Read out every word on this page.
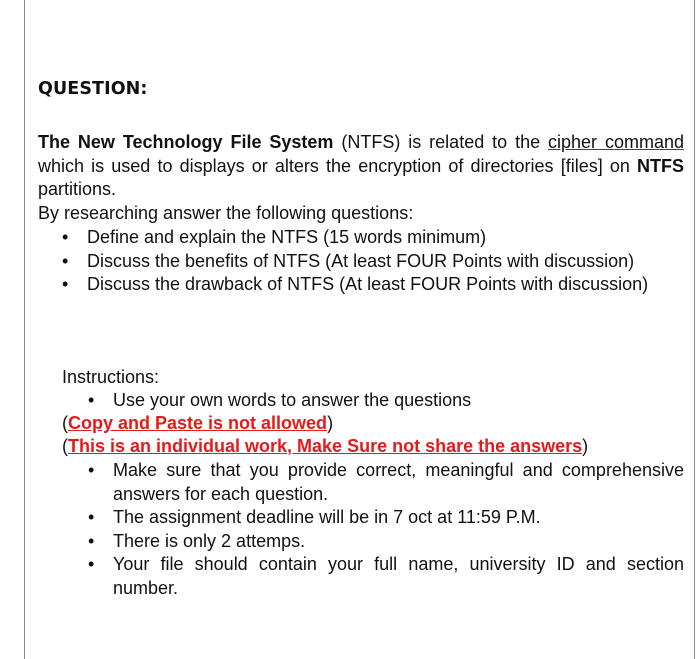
QUESTION:

The New Technology File System (NTFS) is related to the cipher command which is used to displays or alters the encryption of directories [files] on NTFS partitions.

By researching answer the following questions:

• Define and explain the NTFS (15 words minimum)
• Discuss the benefits of NTFS (At least FOUR Points with discussion)
• Discuss the drawback of NTFS (At least FOUR Points with discussion)

Instructions:

• Use your own words to answer the questions

(Copy and Paste is not allowed)

(This is an individual work, Make Sure not share the answers)

• Make sure that you provide correct, meaningful and comprehensive answers for each question.
• The assignment deadline will be in 7 oct at 11:59 P.M.
• There is only 2 attemps.
• Your file should contain your full name, university ID and section number.
